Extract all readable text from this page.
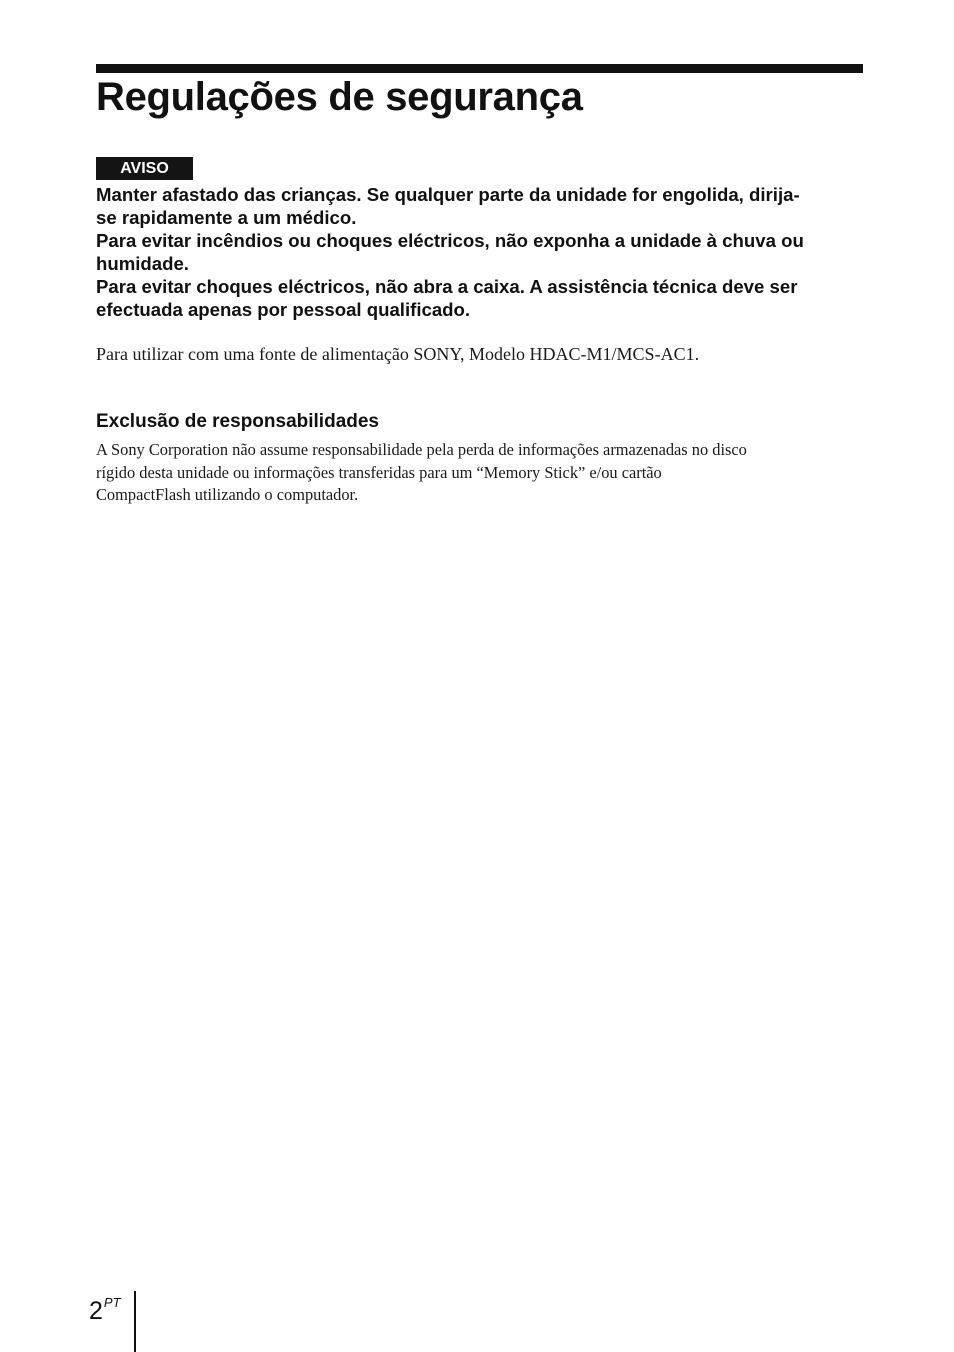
Regulações de segurança
AVISO

Manter afastado das crianças. Se qualquer parte da unidade for engolida, dirija-
se rapidamente a um médico.
Para evitar incêndios ou choques eléctricos, não exponha a unidade à chuva ou
humidade.
Para evitar choques eléctricos, não abra a caixa. A assistência técnica deve ser
efectuada apenas por pessoal qualificado.

Para utilizar com uma fonte de alimentação SONY, Modelo HDAC-M1/MCS-AC1.

Exclusão de responsabilidades

A Sony Corporation não assume responsabilidade pela perda de informações armazenadas no disco
rígido desta unidade ou informações transferidas para um “Memory Stick” e/ou cartão
CompactFlash utilizando o computador.

$2^{PT}$
